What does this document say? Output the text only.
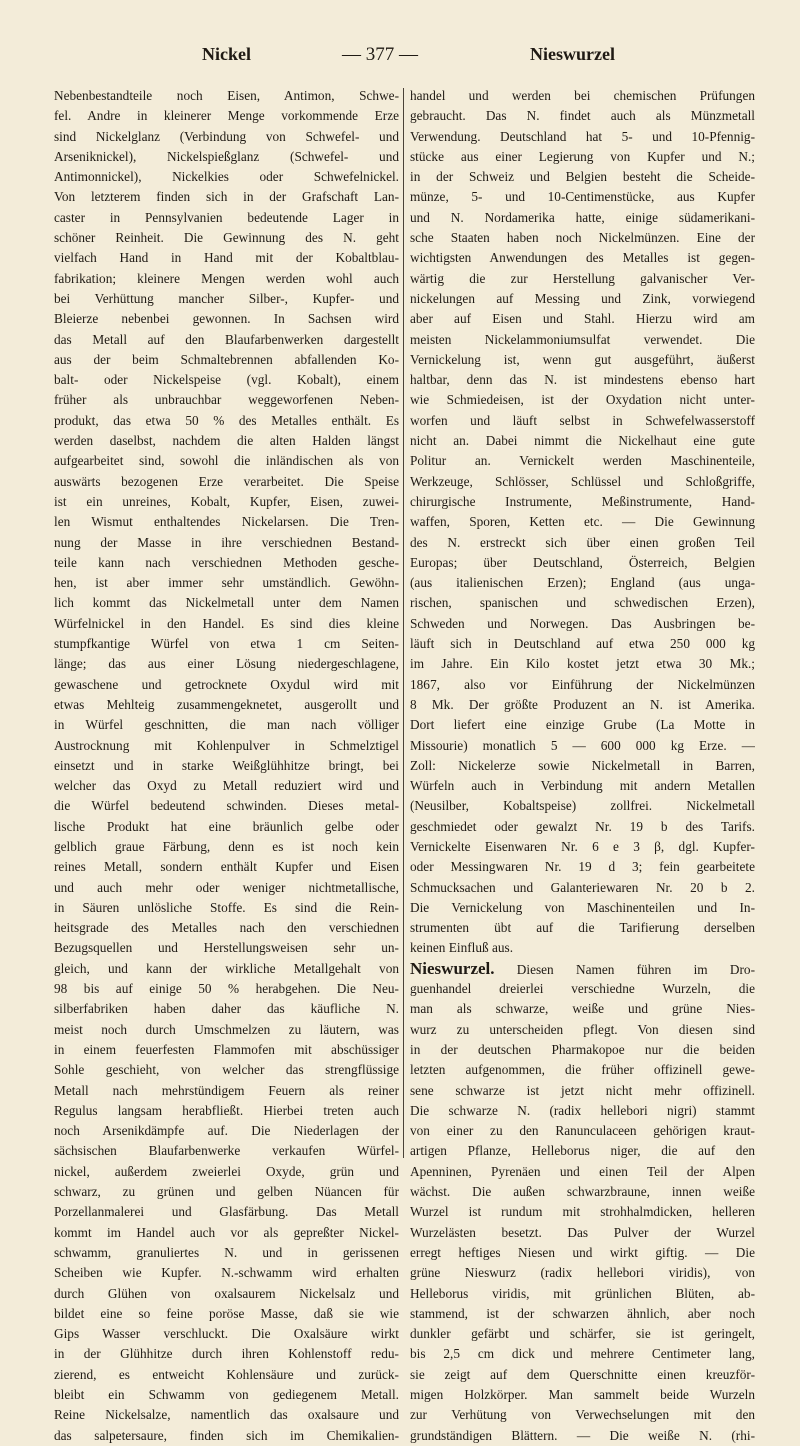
Nickel	— 377 —	Nieswurzel
Nebenbestandteile noch Eisen, Antimon, Schwe-
fel. Andre in kleinerer Menge vorkommende Erze
sind Nickelglanz (Verbindung von Schwefel- und
Arseniknickel), Nickelspießglanz (Schwefel- und
Antimonnickel), Nickelkies oder Schwefelnickel.
Von letzterem finden sich in der Grafschaft Lan-
caster in Pennsylvanien bedeutende Lager in
schöner Reinheit. Die Gewinnung des N. geht
vielfach Hand in Hand mit der Kobaltblau-
fabrikation; kleinere Mengen werden wohl auch
bei Verhüttung mancher Silber-, Kupfer- und
Bleierze nebenbei gewonnen. In Sachsen wird
das Metall auf den Blaufarbenwerken dargestellt
aus der beim Schmaltebrennen abfallenden Ko-
balt- oder Nickelspeise (vgl. Kobalt), einem
früher als unbrauchbar weggeworfenen Neben-
produkt, das etwa 50 % des Metalles enthält. Es
werden daselbst, nachdem die alten Halden längst
aufgearbeitet sind, sowohl die inländischen als von
auswärts bezogenen Erze verarbeitet. Die Speise
ist ein unreines, Kobalt, Kupfer, Eisen, zuwei-
len Wismut enthaltendes Nickelarsen. Die Tren-
nung der Masse in ihre verschiednen Bestand-
teile kann nach verschiednen Methoden gesche-
hen, ist aber immer sehr umständlich. Gewöhn-
lich kommt das Nickelmetall unter dem Namen
Würfelnickel in den Handel. Es sind dies kleine
stumpfkantige Würfel von etwa 1 cm Seiten-
länge; das aus einer Lösung niedergeschlagene,
gewaschene und getrocknete Oxydul wird mit
etwas Mehlteig zusammengeknetet, ausgerollt und
in Würfel geschnitten, die man nach völliger
Austrocknung mit Kohlenpulver in Schmelztigel
einsetzt und in starke Weißglühhitze bringt, bei
welcher das Oxyd zu Metall reduziert wird und
die Würfel bedeutend schwinden. Dieses metal-
lische Produkt hat eine bräunlich gelbe oder
gelblich graue Färbung, denn es ist noch kein
reines Metall, sondern enthält Kupfer und Eisen
und auch mehr oder weniger nichtmetallische,
in Säuren unlösliche Stoffe. Es sind die Rein-
heitsgrade des Metalles nach den verschiednen
Bezugsquellen und Herstellungsweisen sehr un-
gleich, und kann der wirkliche Metallgehalt von
98 bis auf einige 50 % herabgehen. Die Neu-
silberfabriken haben daher das käufliche N.
meist noch durch Umschmelzen zu läutern, was
in einem feuerfesten Flammofen mit abschüssiger
Sohle geschieht, von welcher das strengflüssige
Metall nach mehrstündigem Feuern als reiner
Regulus langsam herabfließt. Hierbei treten auch
noch Arsenikdämpfe auf. Die Niederlagen der
sächsischen Blaufarbenwerke verkaufen Würfel-
nickel, außerdem zweierlei Oxyde, grün und
schwarz, zu grünen und gelben Nüancen für
Porzellanmalerei und Glasfärbung. Das Metall
kommt im Handel auch vor als gepreßter Nickel-
schwamm, granuliertes N. und in gerissenen
Scheiben wie Kupfer. N.-schwamm wird erhalten
durch Glühen von oxalsaurem Nickelsalz und
bildet eine so feine poröse Masse, daß sie wie
Gips Wasser verschluckt. Die Oxalsäure wirkt
in der Glühhitze durch ihren Kohlenstoff redu-
zierend, es entweicht Kohlensäure und zurück-
bleibt ein Schwamm von gediegenem Metall.
Reine Nickelsalze, namentlich das oxalsaure und
das salpetersaure, finden sich im Chemikalien-
handel und werden bei chemischen Prüfungen
gebraucht. Das N. findet auch als Münzmetall
Verwendung. Deutschland hat 5- und 10-Pfennig-
stücke aus einer Legierung von Kupfer und N.;
in der Schweiz und Belgien besteht die Scheide-
münze, 5- und 10-Centimenstücke, aus Kupfer
und N. Nordamerika hatte, einige südamerikani-
sche Staaten haben noch Nickelmünzen. Eine der
wichtigsten Anwendungen des Metalles ist gegen-
wärtig die zur Herstellung galvanischer Ver-
nickelungen auf Messing und Zink, vorwiegend
aber auf Eisen und Stahl. Hierzu wird am
meisten Nickelammoniumsulfat verwendet. Die
Vernickelung ist, wenn gut ausgeführt, äußerst
haltbar, denn das N. ist mindestens ebenso hart
wie Schmiedeisen, ist der Oxydation nicht unter-
worfen und läuft selbst in Schwefelwasserstoff
nicht an. Dabei nimmt die Nickelhaut eine gute
Politur an. Vernickelt werden Maschinenteile,
Werkzeuge, Schlösser, Schlüssel und Schloßgriffe,
chirurgische Instrumente, Meßinstrumente, Hand-
waffen, Sporen, Ketten etc. — Die Gewinnung
des N. erstreckt sich über einen großen Teil
Europas; über Deutschland, Österreich, Belgien
(aus italienischen Erzen); England (aus unga-
rischen, spanischen und schwedischen Erzen),
Schweden und Norwegen. Das Ausbringen be-
läuft sich in Deutschland auf etwa 250 000 kg
im Jahre. Ein Kilo kostet jetzt etwa 30 Mk.;
1867, also vor Einführung der Nickelmünzen
8 Mk. Der größte Produzent an N. ist Amerika.
Dort liefert eine einzige Grube (La Motte in
Missourie) monatlich 5 — 600 000 kg Erze. —
Zoll: Nickelerze sowie Nickelmetall in Barren,
Würfeln auch in Verbindung mit andern Metallen
(Neusilber, Kobaltspeise) zollfrei. Nickelmetall
geschmiedet oder gewalzt Nr. 19 b des Tarifs.
Vernickelte Eisenwaren Nr. 6 e 3 β, dgl. Kupfer-
oder Messingwaren Nr. 19 d 3; fein gearbeitete
Schmucksachen und Galanteriewaren Nr. 20 b 2.
Die Vernickelung von Maschinenteilen und In-
strumenten übt auf die Tarifierung derselben
keinen Einfluß aus.
Nieswurzel. Diesen Namen führen im Dro-
guenhandel dreierlei verschiedne Wurzeln, die
man als schwarze, weiße und grüne Nies-
wurz zu unterscheiden pflegt. Von diesen sind
in der deutschen Pharmakopoe nur die beiden
letzten aufgenommen, die früher offizinell gewe-
sene schwarze ist jetzt nicht mehr offizinell.
Die schwarze N. (radix hellebori nigri) stammt
von einer zu den Ranunculaceen gehörigen kraut-
artigen Pflanze, Helleborus niger, die auf den
Apenninen, Pyrenäen und einen Teil der Alpen
wächst. Die außen schwarzbraune, innen weiße
Wurzel ist rundum mit strohhalmdicken, helleren
Wurzelästen besetzt. Das Pulver der Wurzel
erregt heftiges Niesen und wirkt giftig. — Die
grüne Nieswurz (radix hellebori viridis), von
Helleborus viridis, mit grünlichen Blüten, ab-
stammend, ist der schwarzen ähnlich, aber noch
dunkler gefärbt und schärfer, sie ist geringelt,
bis 2,5 cm dick und mehrere Centimeter lang,
sie zeigt auf dem Querschnitte einen kreuzför-
migen Holzkörper. Man sammelt beide Wurzeln
zur Verhütung von Verwechselungen mit den
grundständigen Blättern. — Die weiße N. (rhi-
